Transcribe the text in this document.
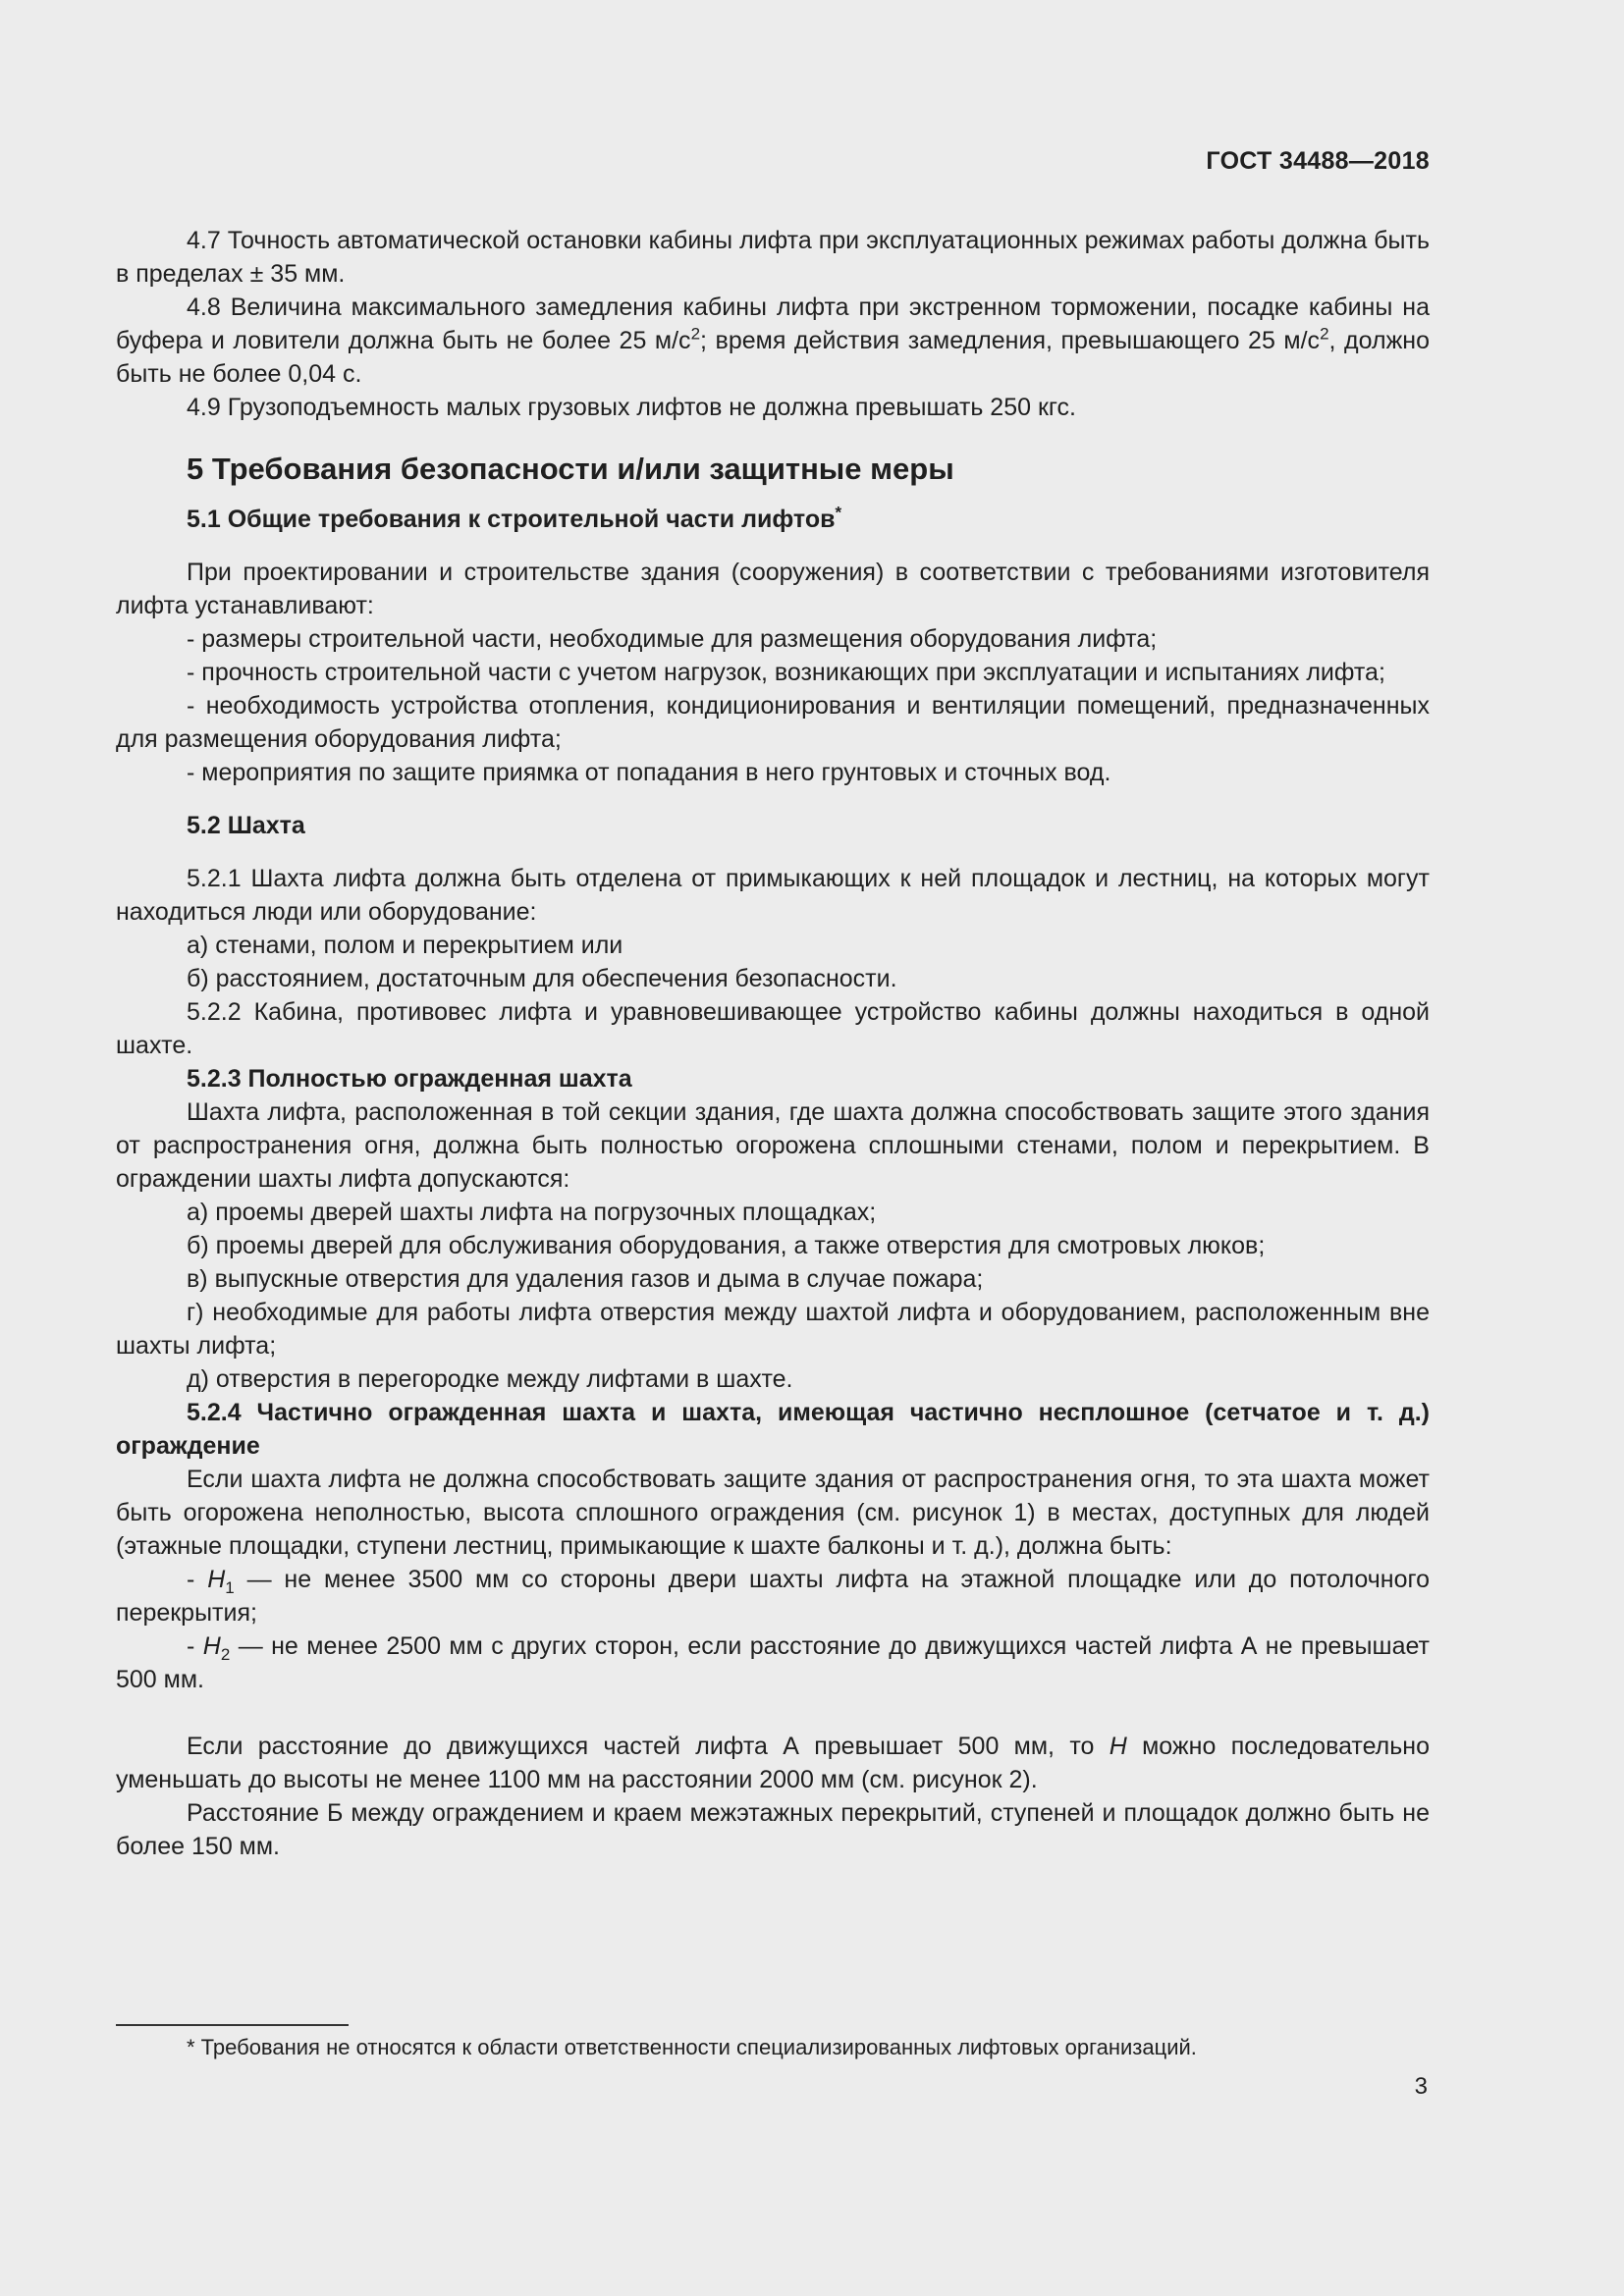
ГОСТ 34488—2018

4.7 Точность автоматической остановки кабины лифта при эксплуатационных режимах работы должна быть в пределах ± 35 мм.

4.8 Величина максимального замедления кабины лифта при экстренном торможении, посадке кабины на буфера и ловители должна быть не более 25 $м/с^2$; время действия замедления, превышающего 25 $м/с^2$, должно быть не более 0,04 с.

4.9 Грузоподъемность малых грузовых лифтов не должна превышать 250 кгс.

5 Требования безопасности и/или защитные меры
5.1 Общие требования к строительной части лифтов*

При проектировании и строительстве здания (сооружения) в соответствии с требованиями изготовителя лифта устанавливают:

- размеры строительной части, необходимые для размещения оборудования лифта;

- прочность строительной части с учетом нагрузок, возникающих при эксплуатации и испытаниях лифта;

- необходимость устройства отопления, кондиционирования и вентиляции помещений, предназначенных для размещения оборудования лифта;

- мероприятия по защите приямка от попадания в него грунтовых и сточных вод.

5.2 Шахта

5.2.1 Шахта лифта должна быть отделена от примыкающих к ней площадок и лестниц, на которых могут находиться люди или оборудование:

а) стенами, полом и перекрытием или

б) расстоянием, достаточным для обеспечения безопасности.

5.2.2 Кабина, противовес лифта и уравновешивающее устройство кабины должны находиться в одной шахте.

5.2.3 Полностью огражденная шахта

Шахта лифта, расположенная в той секции здания, где шахта должна способствовать защите этого здания от распространения огня, должна быть полностью огорожена сплошными стенами, полом и перекрытием. В ограждении шахты лифта допускаются:

а) проемы дверей шахты лифта на погрузочных площадках;

б) проемы дверей для обслуживания оборудования, а также отверстия для смотровых люков;

в) выпускные отверстия для удаления газов и дыма в случае пожара;

г) необходимые для работы лифта отверстия между шахтой лифта и оборудованием, расположенным вне шахты лифта;

д) отверстия в перегородке между лифтами в шахте.

5.2.4 Частично огражденная шахта и шахта, имеющая частично несплошное (сетчатое и т. д.) ограждение

Если шахта лифта не должна способствовать защите здания от распространения огня, то эта шахта может быть огорожена неполностью, высота сплошного ограждения (см. рисунок 1) в местах, доступных для людей (этажные площадки, ступени лестниц, примыкающие к шахте балконы и т. д.), должна быть:

- $H_1$ — не менее 3500 мм со стороны двери шахты лифта на этажной площадке или до потолочного перекрытия;

- $H_2$ — не менее 2500 мм с других сторон, если расстояние до движущихся частей лифта А не превышает 500 мм.

Если расстояние до движущихся частей лифта А превышает 500 мм, то H можно последовательно уменьшать до высоты не менее 1100 мм на расстоянии 2000 мм (см. рисунок 2).

Расстояние Б между ограждением и краем межэтажных перекрытий, ступеней и площадок должно быть не более 150 мм.

* Требования не относятся к области ответственности специализированных лифтовых организаций.
3
